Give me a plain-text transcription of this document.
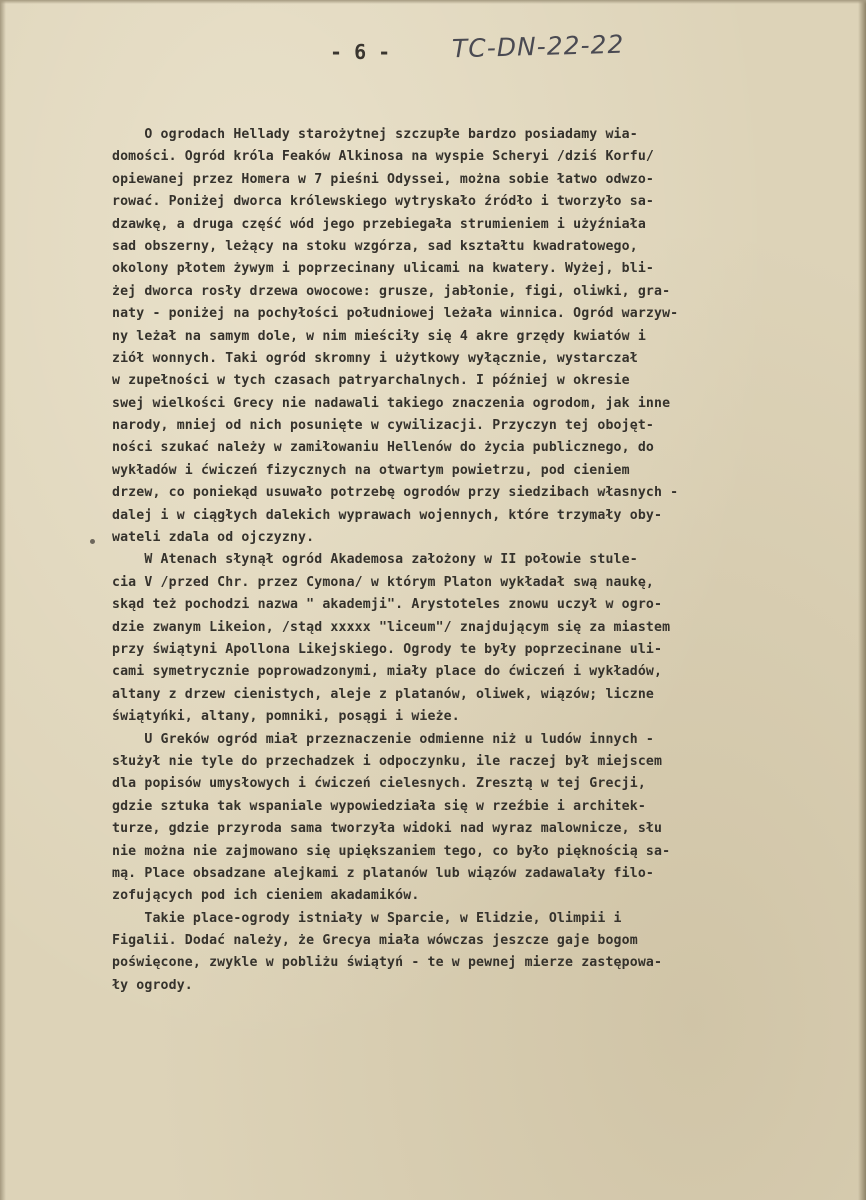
- 6 - TC-DN-22-22
O ogrodach Hellady starożytnej szczupłe bardzo posiadamy wia-
domości. Ogród króla Feaków Alkinosa na wyspie Scheryi /dziś Korfu/
opiewanej przez Homera w 7 pieśni Odyssei, można sobie łatwo odwzo-
rować. Poniżej dworca królewskiego wytryskało źródło i tworzyło sa-
dzawkę, a druga część wód jego przebiegała strumieniem i użyźniała
sad obszerny, leżący na stoku wzgórza, sad kształtu kwadratowego,
okolony płotem żywym i poprzecinany ulicami na kwatery. Wyżej, bli-
żej dworca rosły drzewa owocowe: grusze, jabłonie, figi, oliwki, gra-
naty - poniżej na pochyłości południowej leżała winnica. Ogród warzyw-
ny leżał na samym dole, w nim mieściły się 4 akre grzędy kwiatów i
ziół wonnych. Taki ogród skromny i użytkowy wyłącznie, wystarczał
w zupełności w tych czasach patryarchalnych. I później w okresie
swej wielkości Grecy nie nadawali takiego znaczenia ogrodom, jak inne
narody, mniej od nich posunięte w cywilizacji. Przyczyn tej obojęt-
ności szukać należy w zamiłowaniu Hellenów do życia publicznego, do
wykładów i ćwiczeń fizycznych na otwartym powietrzu, pod cieniem
drzew, co poniekąd usuwało potrzebę ogrodów przy siedzibach własnych -
dalej i w ciągłych dalekich wyprawach wojennych, które trzymały oby-
wateli zdala od ojczyzny.
W Atenach słynął ogród Akademosa założony w II połowie stule-
cia V /przed Chr. przez Cymona/ w którym Platon wykładał swą naukę,
skąd też pochodzi nazwa " akademji". Arystoteles znowu uczył w ogro-
dzie zwanym Likeion, /stąd xxxxx "liceum"/ znajdującym się za miastem
przy świątyni Apollona Likejskiego. Ogrody te były poprzecinane uli-
cami symetrycznie poprowadzonymi, miały place do ćwiczeń i wykładów,
altany z drzew cienistych, aleje z platanów, oliwek, wiązów; liczne
świątyńki, altany, pomniki, posągi i wieże.
U Greków ogród miał przeznaczenie odmienne niż u ludów innych -
służył nie tyle do przechadzek i odpoczynku, ile raczej był miejscem
dla popisów umysłowych i ćwiczeń cielesnych. Zresztą w tej Grecji,
gdzie sztuka tak wspaniale wypowiedziała się w rzeźbie i architek-
turze, gdzie przyroda sama tworzyła widoki nad wyraz malownicze, słu
nie można nie zajmowano się upiększaniem tego, co było pięknością sa-
mą. Place obsadzane alejkami z platanów lub wiązów zadawalały filo-
zofujących pod ich cieniem akadamików.
Takie place-ogrody istniały w Sparcie, w Elidzie, Olimpii i
Figalii. Dodać należy, że Grecya miała wówczas jeszcze gaje bogom
poświęcone, zwykle w pobliżu świątyń - te w pewnej mierze zastępowa-
ły ogrody.
